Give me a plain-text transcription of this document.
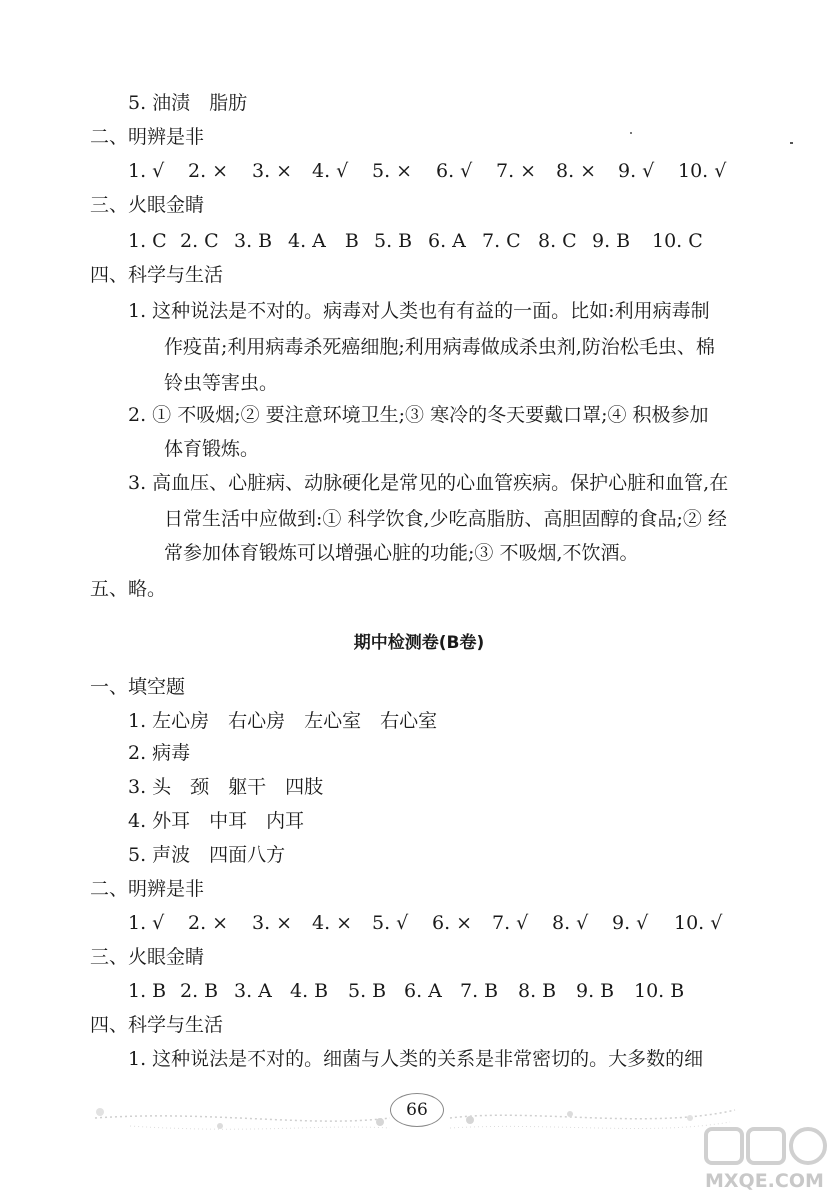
5. 油渍　脂肪
二、明辨是非
1. √ 2. × 3. × 4. √ 5. × 6. √ 7. × 8. × 9. √ 10. √
三、火眼金睛
1. C 2. C 3. B 4. A　B 5. B 6. A 7. C 8. C 9. B 10. C
四、科学与生活
1. 这种说法是不对的。病毒对人类也有有益的一面。比如:利用病毒制
作疫苗;利用病毒杀死癌细胞;利用病毒做成杀虫剂,防治松毛虫、棉
铃虫等害虫。
2. ① 不吸烟;② 要注意环境卫生;③ 寒冷的冬天要戴口罩;④ 积极参加
体育锻炼。
3. 高血压、心脏病、动脉硬化是常见的心血管疾病。保护心脏和血管,在
日常生活中应做到:① 科学饮食,少吃高脂肪、高胆固醇的食品;② 经
常参加体育锻炼可以增强心脏的功能;③ 不吸烟,不饮酒。
五、略。
期中检测卷(B卷)
一、填空题
1. 左心房　右心房　左心室　右心室
2. 病毒
3. 头　颈　躯干　四肢
4. 外耳　中耳　内耳
5. 声波　四面八方
二、明辨是非
1. √ 2. × 3. × 4. × 5. √ 6. × 7. √ 8. √ 9. √ 10. √
三、火眼金睛
1. B 2. B 3. A 4. B 5. B 6. A 7. B 8. B 9. B 10. B
四、科学与生活
1. 这种说法是不对的。细菌与人类的关系是非常密切的。大多数的细
66
MXQE.COM
